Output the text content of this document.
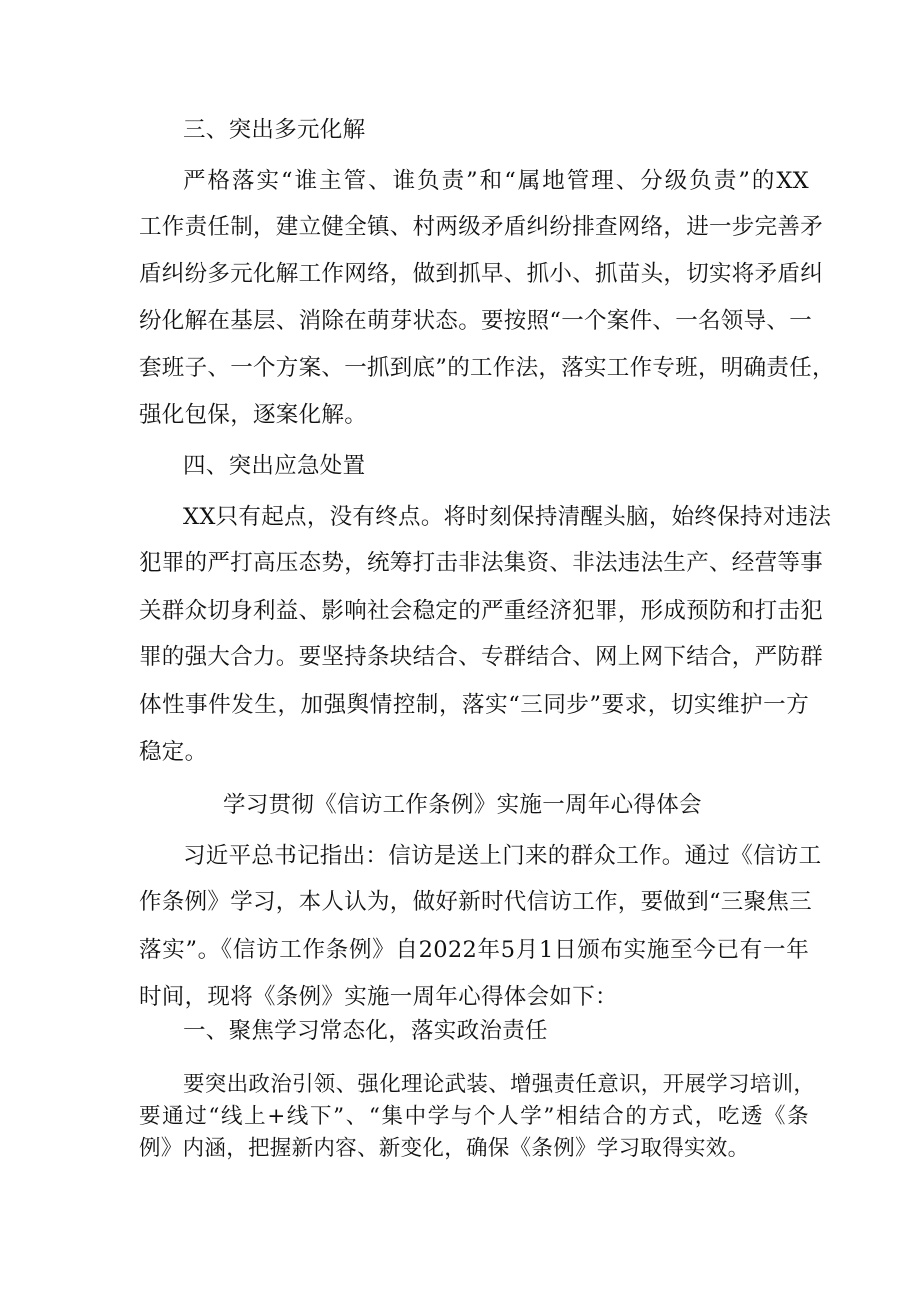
三、突出多元化解
严格落实“谁主管、谁负责”和“属地管理、分级负责”的XX
工作责任制，建立健全镇、村两级矛盾纠纷排查网络，进一步完善矛
盾纠纷多元化解工作网络，做到抓早、抓小、抓苗头，切实将矛盾纠
纷化解在基层、消除在萌芽状态。要按照“一个案件、一名领导、一
套班子、一个方案、一抓到底”的工作法，落实工作专班，明确责任，
强化包保，逐案化解。
四、突出应急处置
XX只有起点，没有终点。将时刻保持清醒头脑，始终保持对违法
犯罪的严打高压态势，统筹打击非法集资、非法违法生产、经营等事
关群众切身利益、影响社会稳定的严重经济犯罪，形成预防和打击犯
罪的强大合力。要坚持条块结合、专群结合、网上网下结合，严防群
体性事件发生，加强舆情控制，落实“三同步”要求，切实维护一方
稳定。
学习贯彻《信访工作条例》实施一周年心得体会
习近平总书记指出：信访是送上门来的群众工作。通过《信访工
作条例》学习，本人认为，做好新时代信访工作，要做到“三聚焦三
落实”。《信访工作条例》自2022年5月1日颁布实施至今已有一年
时间，现将《条例》实施一周年心得体会如下：
一、聚焦学习常态化，落实政治责任
要突出政治引领、强化理论武装、增强责任意识，开展学习培训，
要通过“线上+线下”、“集中学与个人学”相结合的方式，吃透《条
例》内涵，把握新内容、新变化，确保《条例》学习取得实效。
